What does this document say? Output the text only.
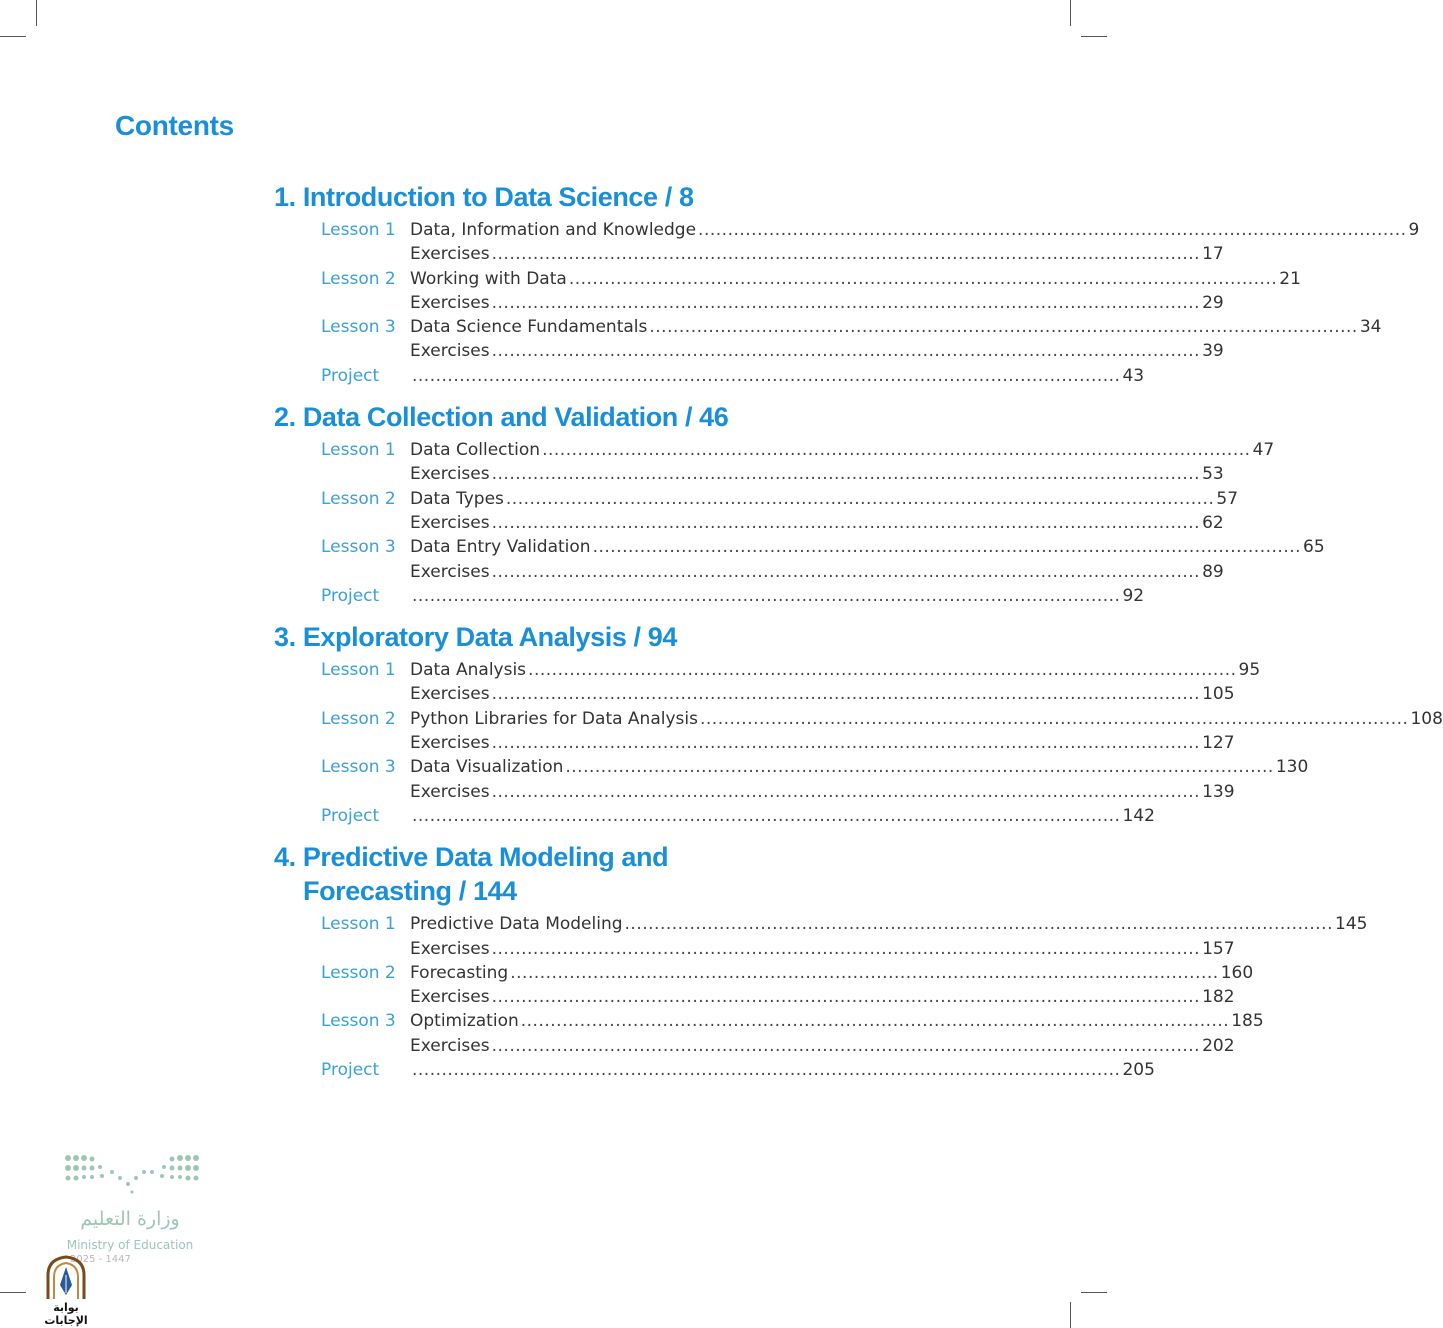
Contents
1. Introduction to Data Science / 8
Lesson 1 Data, Information and Knowledge ........................................................................................................................ 9
Exercises ........................................................................................................................ 17
Lesson 2 Working with Data ........................................................................................................................ 21
Exercises ........................................................................................................................ 29
Lesson 3 Data Science Fundamentals ........................................................................................................................ 34
Exercises ........................................................................................................................ 39
Project	........................................................................................................................ 43
2. Data Collection and Validation / 46
Lesson 1 Data Collection ........................................................................................................................ 47
Exercises ........................................................................................................................ 53
Lesson 2 Data Types ........................................................................................................................ 57
Exercises ........................................................................................................................ 62
Lesson 3 Data Entry Validation ........................................................................................................................ 65
Exercises ........................................................................................................................ 89
Project	........................................................................................................................ 92
3. Exploratory Data Analysis / 94
Lesson 1 Data Analysis ........................................................................................................................ 95
Exercises ........................................................................................................................ 105
Lesson 2 Python Libraries for Data Analysis ........................................................................................................................ 108
Exercises ........................................................................................................................ 127
Lesson 3 Data Visualization ........................................................................................................................ 130
Exercises ........................................................................................................................ 139
Project	........................................................................................................................ 142
4. Predictive Data Modeling and
Forecasting / 144
Lesson 1 Predictive Data Modeling ........................................................................................................................ 145
Exercises ........................................................................................................................ 157
Lesson 2 Forecasting ........................................................................................................................ 160
Exercises ........................................................................................................................ 182
Lesson 3 Optimization ........................................................................................................................ 185
Exercises ........................................................................................................................ 202
Project	........................................................................................................................ 205
وزارة التعليم
Ministry of Education
2025 - 1447
بوابة الإجابات
